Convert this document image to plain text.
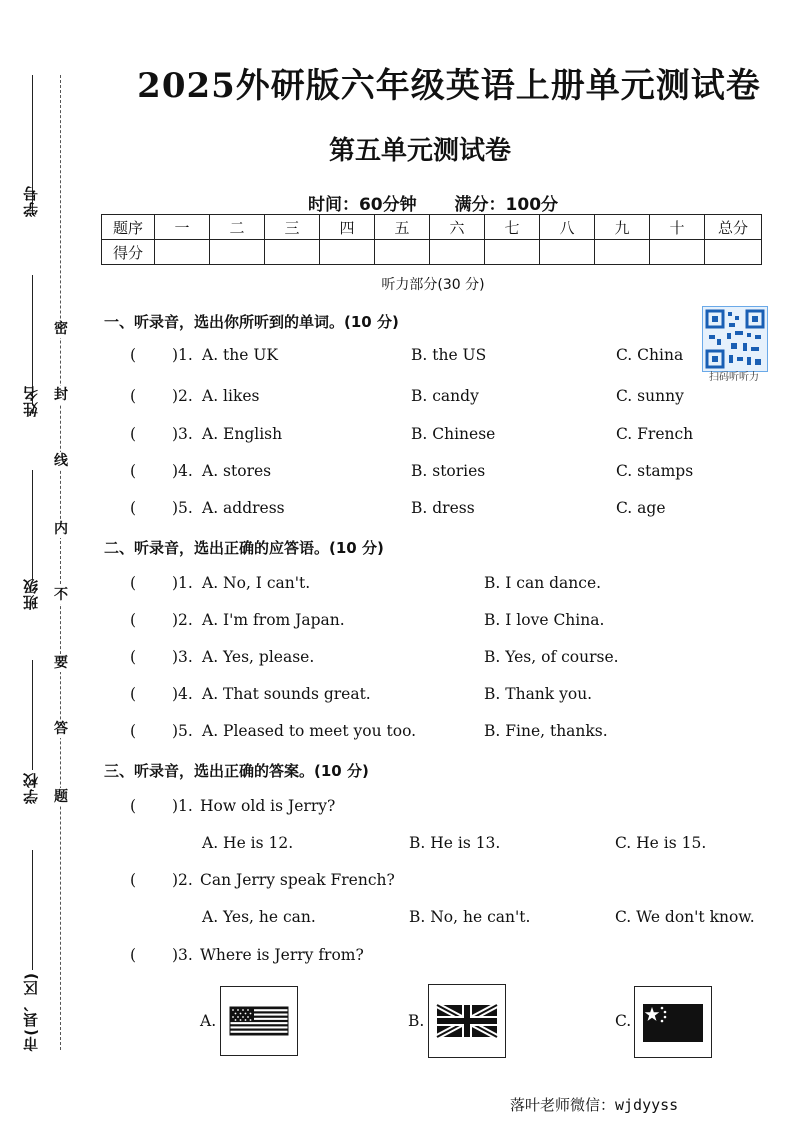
学号
姓名
班级
学校
市(县、区)
密
封
线
内
不
要
答
题
2025外研版六年级英语上册单元测试卷
第五单元测试卷
时间：60分钟 满分：100分
题序	一	二	三	四	五	六	七	八	九	十	总分
得分											
听力部分(30 分)
扫码听听力
一、听录音，选出你所听到的单词。(10 分)
( )1. A. the UK	B. the US	C. China
( )2. A. likes	B. candy	C. sunny
( )3. A. English	B. Chinese	C. French
( )4. A. stores	B. stories	C. stamps
( )5. A. address	B. dress	C. age
二、听录音，选出正确的应答语。(10 分)
( )1. A. No, I can't.	B. I can dance.
( )2. A. I'm from Japan.	B. I love China.
( )3. A. Yes, please.	B. Yes, of course.
( )4. A. That sounds great.	B. Thank you.
( )5. A. Pleased to meet you too.	B. Fine, thanks.
三、听录音，选出正确的答案。(10 分)
( )1. How old is Jerry?
A. He is 12.	B. He is 13.	C. He is 15.
( )2. Can Jerry speak French?
A. Yes, he can.	B. No, he can't.	C. We don't know.
( )3. Where is Jerry from?
A.	B.	C.
落叶老师微信：wjdyyss
